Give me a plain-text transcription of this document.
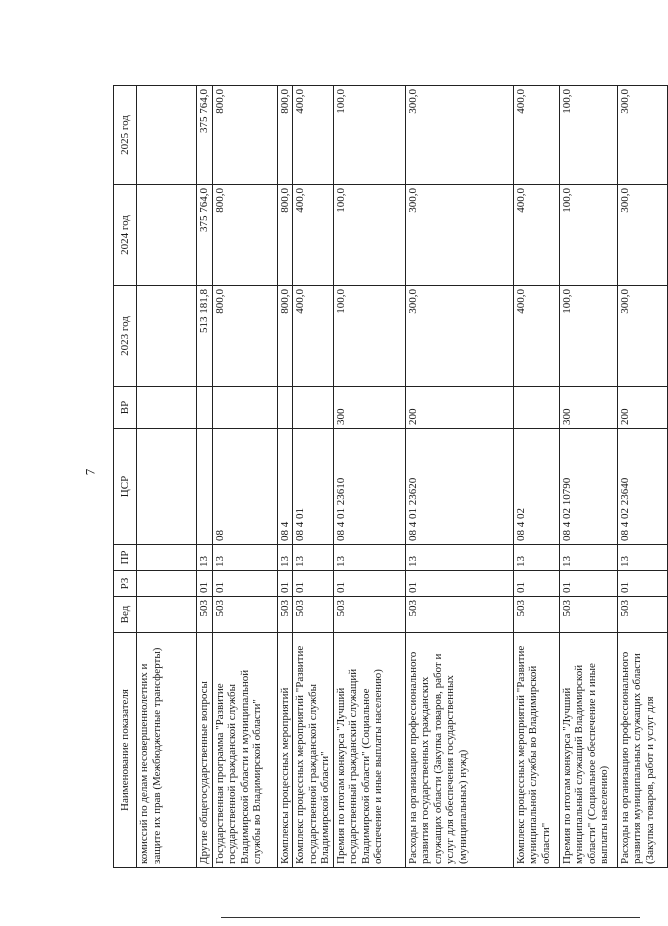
7
Наименование показателя	Вед	РЗ	ПР	ЦСР	ВР	2023 год	2024 год	2025 год
комиссий по делам несовершеннолетних и защите их прав (Межбюджетные трансферты)								
Другие общегосударственные вопросы	503	01	13			513 181,8	375 764,0	375 764,0
Государственная программа "Развитие государственной гражданской службы Владимирской области и муниципальной службы во Владимирской области"	503	01	13	08		800,0	800,0	800,0
Комплексы процессных мероприятий	503	01	13	08 4		800,0	800,0	800,0
Комплекс процессных мероприятий "Развитие государственной гражданской службы Владимирской области"	503	01	13	08 4 01		400,0	400,0	400,0
Премия по итогам конкурса "Лучший государственный гражданский служащий Владимирской области" (Социальное обеспечение и иные выплаты населению)	503	01	13	08 4 01 23610	300	100,0	100,0	100,0
Расходы на организацию профессионального развития государственных гражданских служащих области (Закупка товаров, работ и услуг для обеспечения государственных (муниципальных) нужд)	503	01	13	08 4 01 23620	200	300,0	300,0	300,0
Комплекс процессных мероприятий "Развитие муниципальной службы во Владимирской области"	503	01	13	08 4 02		400,0	400,0	400,0
Премия по итогам конкурса "Лучший муниципальный служащий Владимирской области" (Социальное обеспечение и иные выплаты населению)	503	01	13	08 4 02 10790	300	100,0	100,0	100,0
Расходы на организацию профессионального развития муниципальных служащих области (Закупка товаров, работ и услуг для	503	01	13	08 4 02 23640	200	300,0	300,0	300,0
